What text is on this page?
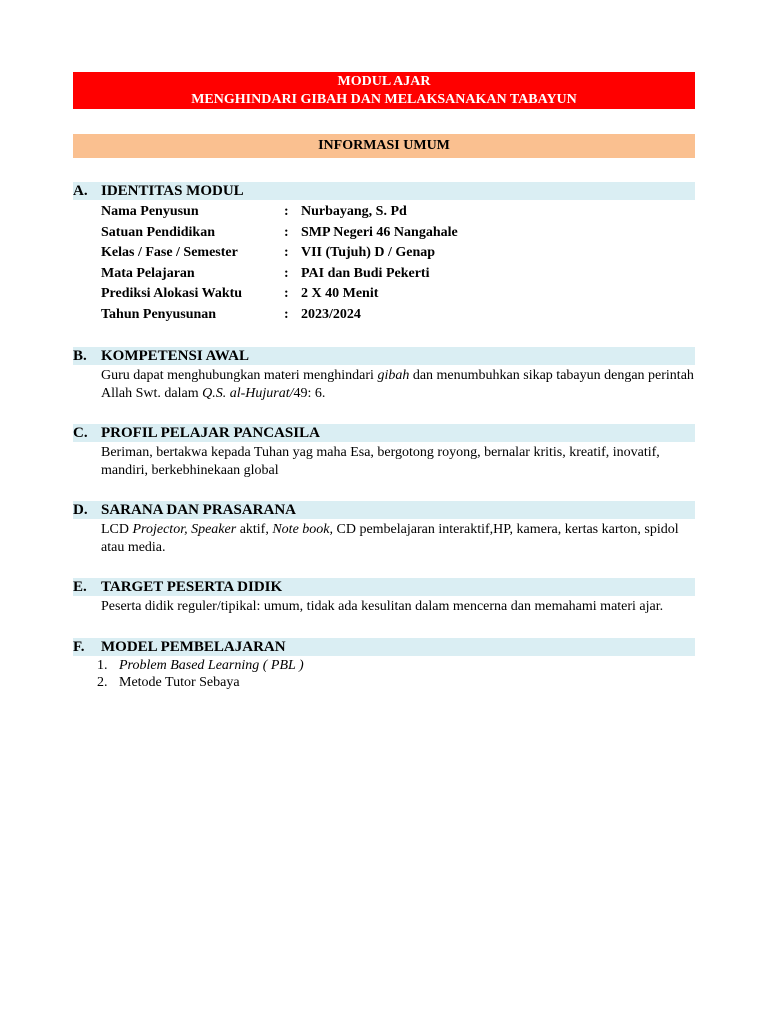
MODUL AJAR
MENGHINDARI GIBAH DAN MELAKSANAKAN TABAYUN
INFORMASI UMUM
A. IDENTITAS MODUL
Nama Penyusun	: Nurbayang, S. Pd
Satuan Pendidikan	: SMP Negeri 46 Nangahale
Kelas / Fase / Semester	: VII (Tujuh) D / Genap
Mata Pelajaran	: PAI dan Budi Pekerti
Prediksi Alokasi Waktu	: 2 X 40 Menit
Tahun Penyusunan	: 2023/2024
B. KOMPETENSI AWAL
Guru dapat menghubungkan materi menghindari gibah dan menumbuhkan sikap tabayun dengan perintah Allah Swt. dalam Q.S. al-Hujurat/49: 6.
C. PROFIL PELAJAR PANCASILA
Beriman, bertakwa kepada Tuhan yag maha Esa, bergotong royong, bernalar kritis, kreatif, inovatif, mandiri, berkebhinekaan global
D. SARANA DAN PRASARANA
LCD Projector, Speaker aktif, Note book, CD pembelajaran interaktif,HP, kamera, kertas karton, spidol atau media.
E. TARGET PESERTA DIDIK
Peserta didik reguler/tipikal: umum, tidak ada kesulitan dalam mencerna dan memahami materi ajar.
F. MODEL PEMBELAJARAN
1. Problem Based Learning ( PBL )
2. Metode Tutor Sebaya
